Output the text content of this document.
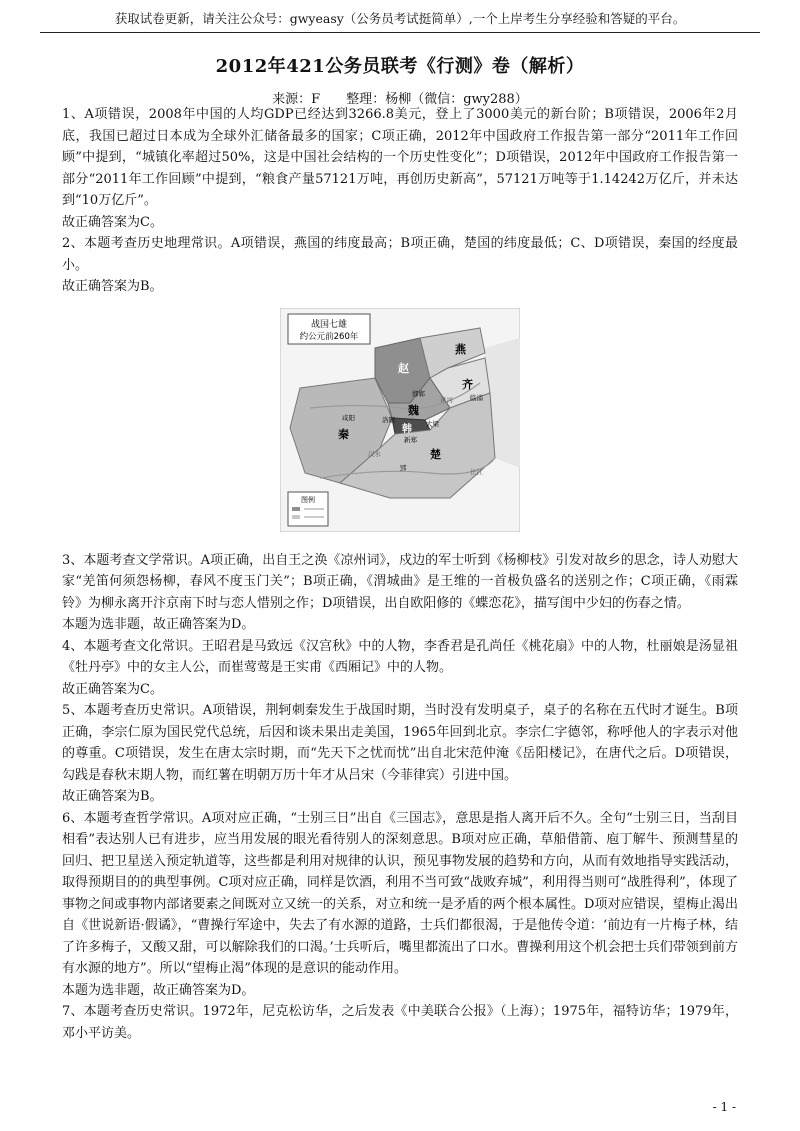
获取试卷更新，请关注公众号：gwyeasy（公务员考试挺简单）,一个上岸考生分享经验和答疑的平台。
2012年421公务员联考《行测》卷（解析）
来源：F　　整理：杨柳（微信：gwy288）

1、A项错误，2008年中国的人均GDP已经达到3266.8美元，登上了3000美元的新台阶；B项错误，2006年2月底，我国已超过日本成为全球外汇储备最多的国家；C项正确，2012年中国政府工作报告第一部分“2011年工作回顾”中提到，“城镇化率超过50%，这是中国社会结构的一个历史性变化”；D项错误，2012年中国政府工作报告第一部分“2011年工作回顾”中提到，“粮食产量57121万吨，再创历史新高”，57121万吨等于1.14242万亿斤，并未达到“10万亿斤”。

故正确答案为C。

2、本题考查历史地理常识。A项错误，燕国的纬度最高；B项正确，楚国的纬度最低；C、D项错误，秦国的经度最小。

故正确答案为B。

战国七雄
约公元前260年
燕
赵
齐
魏
韩
秦
楚
邯郸
大梁
洛阳
新郑
咸阳
临淄
郢
黄河
长江
汉水
图例

3、本题考查文学常识。A项正确，出自王之涣《凉州词》，戍边的军士听到《杨柳枝》引发对故乡的思念，诗人劝慰大家“羌笛何须怨杨柳，春风不度玉门关”；B项正确，《渭城曲》是王维的一首极负盛名的送别之作；C项正确，《雨霖铃》为柳永离开汴京南下时与恋人惜别之作；D项错误，出自欧阳修的《蝶恋花》，描写闺中少妇的伤春之情。

本题为选非题，故正确答案为D。

4、本题考查文化常识。王昭君是马致远《汉宫秋》中的人物，李香君是孔尚任《桃花扇》中的人物，杜丽娘是汤显祖《牡丹亭》中的女主人公，而崔莺莺是王实甫《西厢记》中的人物。

故正确答案为C。

5、本题考查历史常识。A项错误，荆轲刺秦发生于战国时期，当时没有发明桌子，桌子的名称在五代时才诞生。B项正确，李宗仁原为国民党代总统，后因和谈未果出走美国，1965年回到北京。李宗仁字德邻，称呼他人的字表示对他的尊重。C项错误，发生在唐太宗时期，而“先天下之忧而忧”出自北宋范仲淹《岳阳楼记》，在唐代之后。D项错误，勾践是春秋末期人物，而红薯在明朝万历十年才从吕宋（今菲律宾）引进中国。

故正确答案为B。

6、本题考查哲学常识。A项对应正确，“士别三日”出自《三国志》，意思是指人离开后不久。全句“士别三日，当刮目相看”表达别人已有进步，应当用发展的眼光看待别人的深刻意思。B项对应正确，草船借箭、庖丁解牛、预测彗星的回归、把卫星送入预定轨道等，这些都是利用对规律的认识，预见事物发展的趋势和方向，从而有效地指导实践活动，取得预期目的的典型事例。C项对应正确，同样是饮酒，利用不当可致“战败弃城”，利用得当则可“战胜得利”，体现了事物之间或事物内部诸要素之间既对立又统一的关系，对立和统一是矛盾的两个根本属性。D项对应错误，望梅止渴出自《世说新语·假谲》，“曹操行军途中，失去了有水源的道路，士兵们都很渴，于是他传令道：‘前边有一片梅子林，结了许多梅子，又酸又甜，可以解除我们的口渴。’士兵听后，嘴里都流出了口水。曹操利用这个机会把士兵们带领到前方有水源的地方”。所以“望梅止渴”体现的是意识的能动作用。

本题为选非题，故正确答案为D。

7、本题考查历史常识。1972年，尼克松访华，之后发表《中美联合公报》（上海）；1975年，福特访华；1979年，邓小平访美。

- 1 -
